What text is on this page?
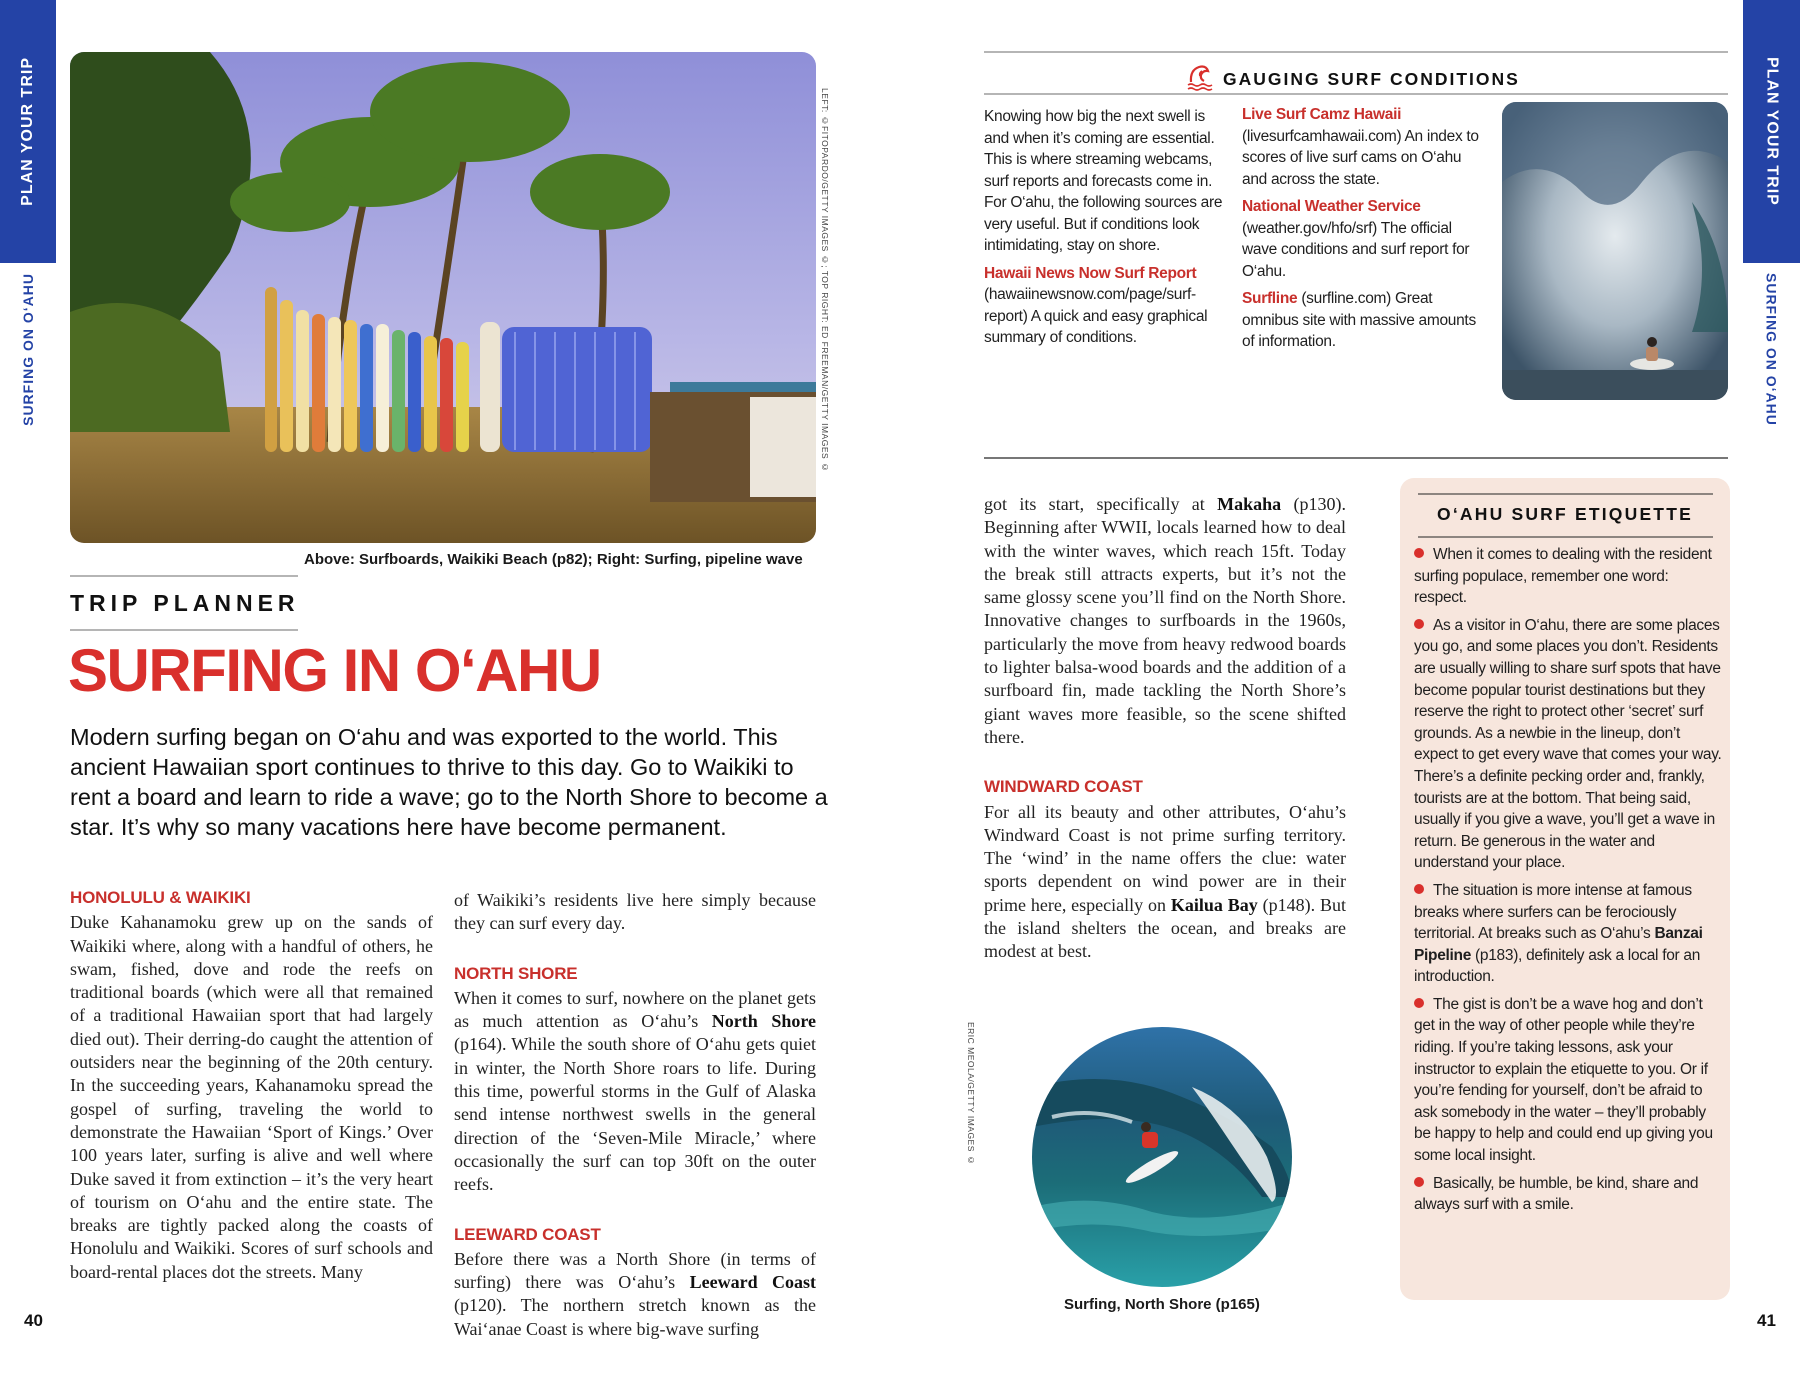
PLAN YOUR TRIP
SURFING ON O‘AHU
PLAN YOUR TRIP
SURFING ON O‘AHU
LEFT: ©FITOPARDO/GETTY IMAGES ©; TOP RIGHT: ED FREEMAN/GETTY IMAGES ©
Above: Surfboards, Waikiki Beach (p82); Right: Surfing, pipeline wave
TRIP PLANNER
SURFING IN O‘AHU
Modern surfing began on O‘ahu and was exported to the world. This ancient Hawaiian sport continues to thrive to this day. Go to Waikiki to rent a board and learn to ride a wave; go to the North Shore to become a star. It’s why so many vacations here have become permanent.
HONOLULU & WAIKIKI

Duke Kahanamoku grew up on the sands of Waikiki where, along with a handful of others, he swam, fished, dove and rode the reefs on traditional boards (which were all that remained of a traditional Hawaiian sport that had largely died out). Their derring-do caught the attention of outsiders near the beginning of the 20th century. In the succeeding years, Kahanamoku spread the gospel of surfing, traveling the world to demonstrate the Hawaiian ‘Sport of Kings.’ Over 100 years later, surfing is alive and well where Duke saved it from extinction – it’s the very heart of tourism on O‘ahu and the entire state. The breaks are tightly packed along the coasts of Honolulu and Waikiki. Scores of surf schools and board-rental places dot the streets. Many

of Waikiki’s residents live here simply because they can surf every day.

NORTH SHORE

When it comes to surf, nowhere on the planet gets as much attention as O‘ahu’s North Shore (p164). While the south shore of O‘ahu gets quiet in winter, the North Shore roars to life. During this time, powerful storms in the Gulf of Alaska send intense northwest swells in the general direction of the ‘Seven-Mile Miracle,’ where occasionally the surf can top 30ft on the outer reefs.

LEEWARD COAST

Before there was a North Shore (in terms of surfing) there was O‘ahu’s Leeward Coast (p120). The northern stretch known as the Wai‘anae Coast is where big-wave surfing

40
GAUGING SURF CONDITIONS

Knowing how big the next swell is and when it’s coming are essential. This is where streaming webcams, surf reports and forecasts come in. For O‘ahu, the following sources are very useful. But if conditions look intimidating, stay on shore.

Hawaii News Now Surf Report (hawaiinewsnow.com/page/surf-report) A quick and easy graphical summary of conditions.

Live Surf Camz Hawaii
(livesurfcamhawaii.com) An index to scores of live surf cams on O‘ahu and across the state.

National Weather Service
(weather.gov/hfo/srf) The official wave conditions and surf report for O‘ahu.

Surfline (surfline.com) Great omnibus site with massive amounts of information.

got its start, specifically at Makaha (p130). Beginning after WWII, locals learned how to deal with the winter waves, which reach 15ft. Today the break still attracts experts, but it’s not the same glossy scene you’ll find on the North Shore. Innovative changes to surfboards in the 1960s, particularly the move from heavy redwood boards to lighter balsa-wood boards and the addition of a surfboard fin, made tackling the North Shore’s giant waves more feasible, so the scene shifted there.

WINDWARD COAST

For all its beauty and other attributes, O‘ahu’s Windward Coast is not prime surfing territory. The ‘wind’ in the name offers the clue: water sports dependent on wind power are in their prime here, especially on Kailua Bay (p148). But the island shelters the ocean, and breaks are modest at best.

ERIC MEOLA/GETTY IMAGES ©
Surfing, North Shore (p165)
O‘AHU SURF ETIQUETTE
When it comes to dealing with the resident surfing populace, remember one word: respect.
As a visitor in O‘ahu, there are some places you go, and some places you don’t. Residents are usually willing to share surf spots that have become popular tourist destinations but they reserve the right to protect other ‘secret’ surf grounds. As a newbie in the lineup, don’t expect to get every wave that comes your way. There’s a definite pecking order and, frankly, tourists are at the bottom. That being said, usually if you give a wave, you’ll get a wave in return. Be generous in the water and understand your place.
The situation is more intense at famous breaks where surfers can be ferociously territorial. At breaks such as O‘ahu’s Banzai Pipeline (p183), definitely ask a local for an introduction.
The gist is don’t be a wave hog and don’t get in the way of other people while they’re riding. If you’re taking lessons, ask your instructor to explain the etiquette to you. Or if you’re fending for yourself, don’t be afraid to ask somebody in the water – they’ll probably be happy to help and could end up giving you some local insight.
Basically, be humble, be kind, share and always surf with a smile.
41
